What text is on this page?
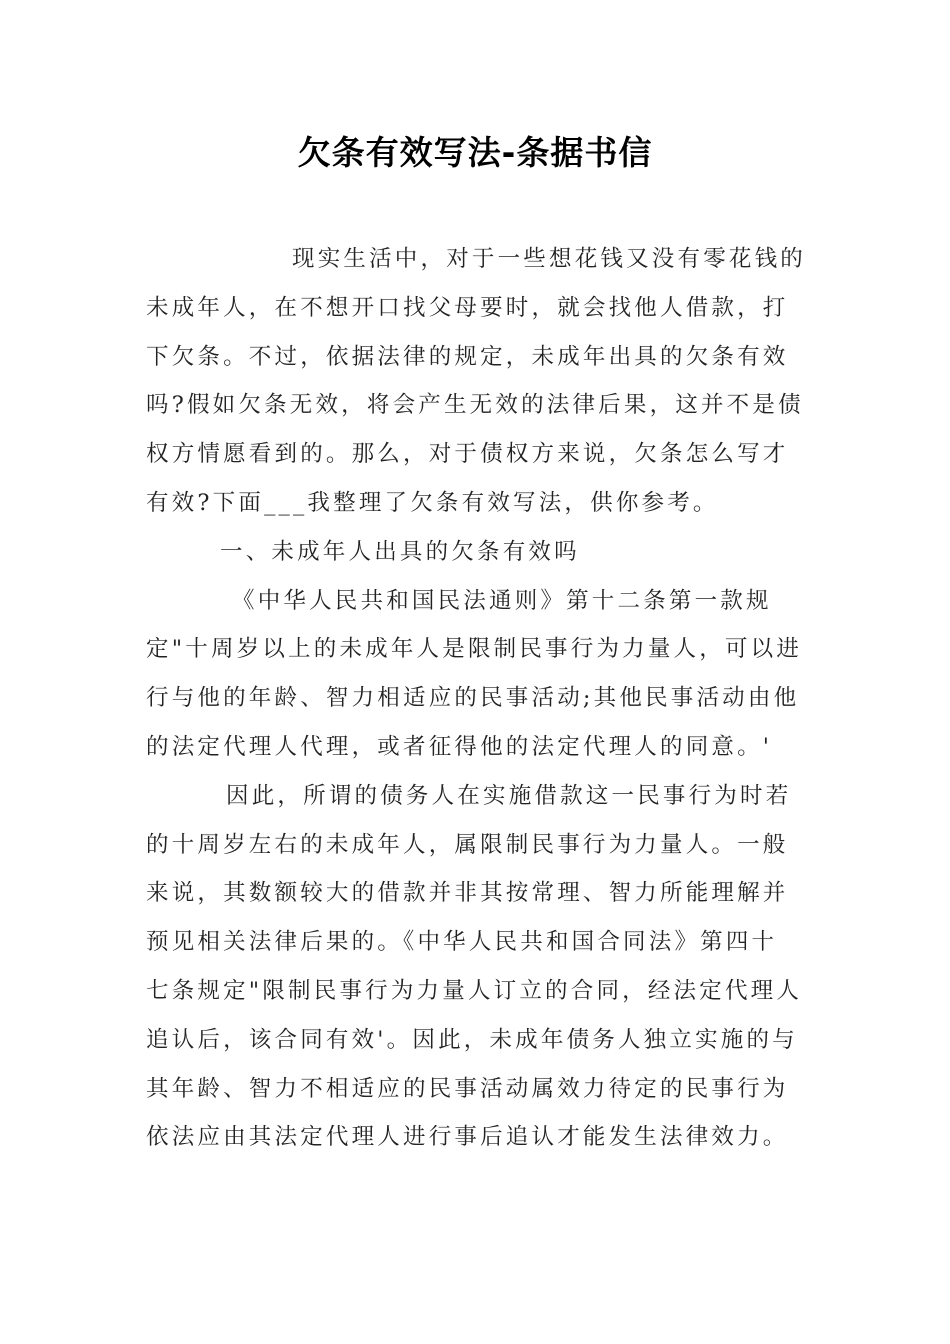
欠条有效写法-条据书信
现实生活中，对于一些想花钱又没有零花钱的
未成年人，在不想开口找父母要时，就会找他人借款，打
下欠条。不过，依据法律的规定，未成年出具的欠条有效
吗?假如欠条无效，将会产生无效的法律后果，这并不是债
权方情愿看到的。那么，对于债权方来说，欠条怎么写才
有效?下面___我整理了欠条有效写法，供你参考。
一、未成年人出具的欠条有效吗
《中华人民共和国民法通则》第十二条第一款规
定"十周岁以上的未成年人是限制民事行为力量人，可以进
行与他的年龄、智力相适应的民事活动;其他民事活动由他
的法定代理人代理，或者征得他的法定代理人的同意。'
因此，所谓的债务人在实施借款这一民事行为时若
的十周岁左右的未成年人，属限制民事行为力量人。一般
来说，其数额较大的借款并非其按常理、智力所能理解并
预见相关法律后果的。《中华人民共和国合同法》第四十
七条规定"限制民事行为力量人订立的合同，经法定代理人
追认后，该合同有效'。因此，未成年债务人独立实施的与
其年龄、智力不相适应的民事活动属效力待定的民事行为
依法应由其法定代理人进行事后追认才能发生法律效力。
